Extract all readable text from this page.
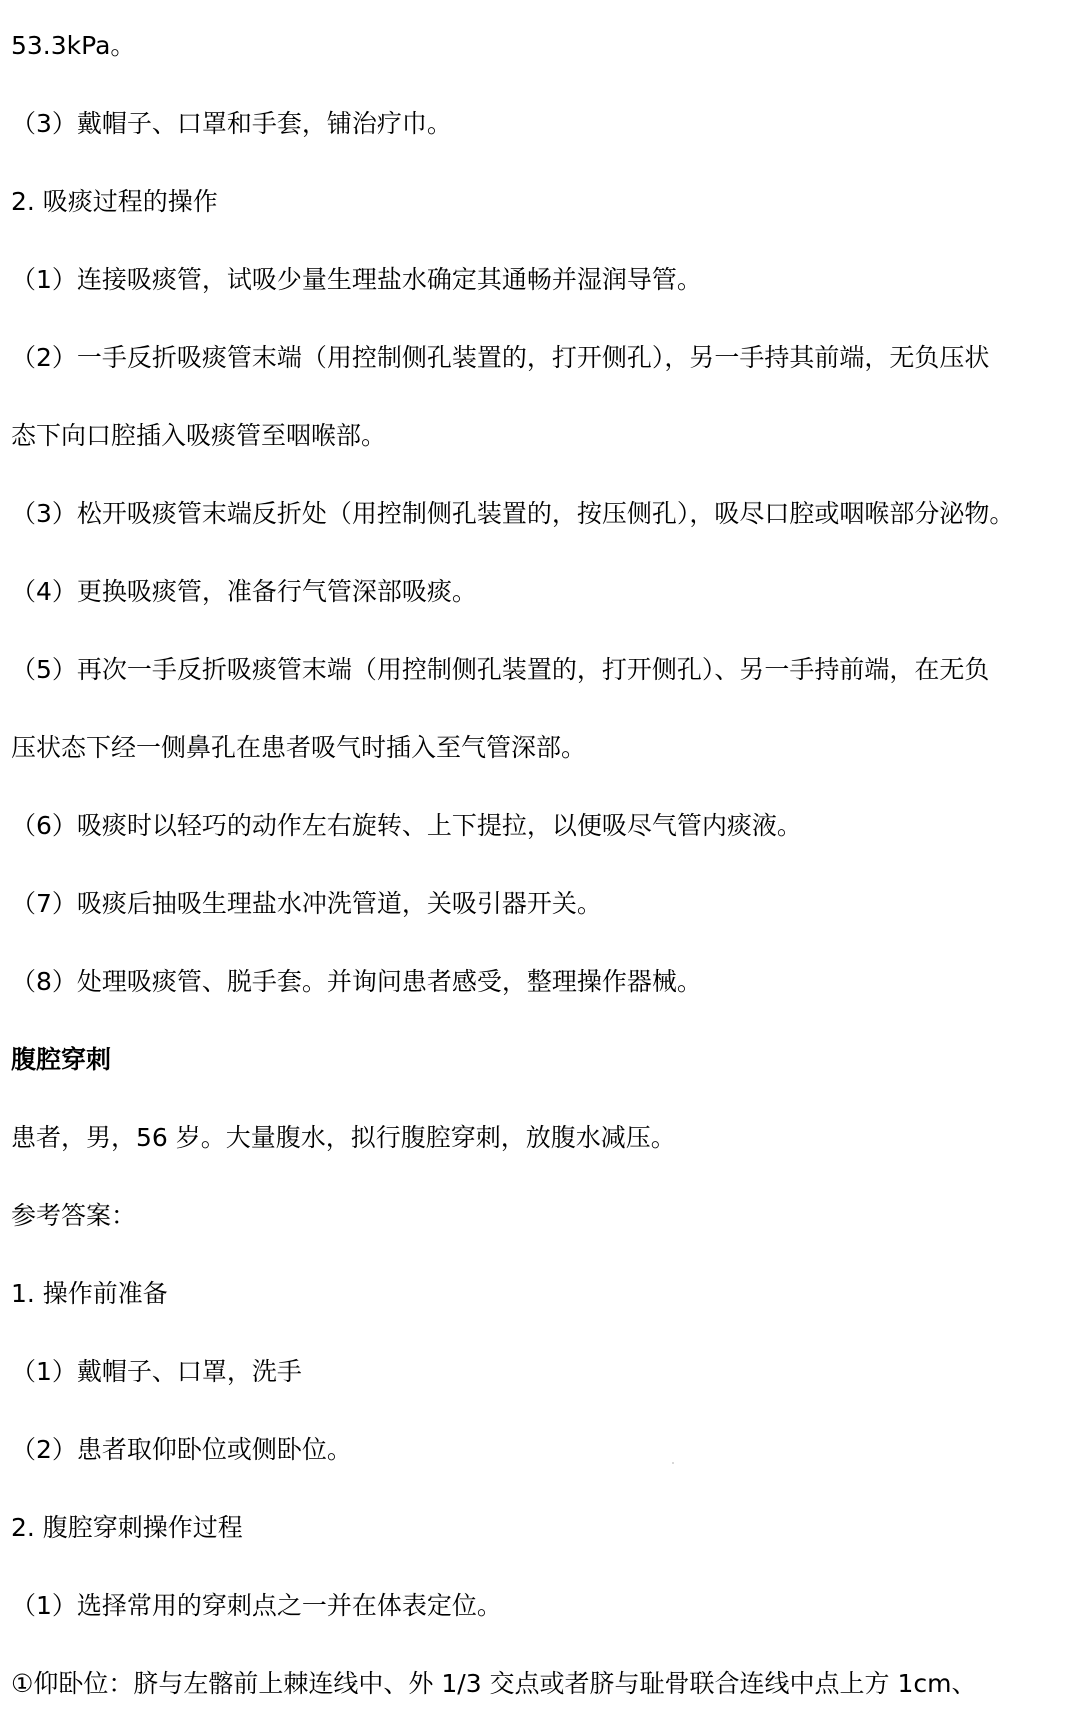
53.3kPa。
（3）戴帽子、口罩和手套，铺治疗巾。
2. 吸痰过程的操作
（1）连接吸痰管，试吸少量生理盐水确定其通畅并湿润导管。
（2）一手反折吸痰管末端（用控制侧孔装置的，打开侧孔），另一手持其前端，无负压状
态下向口腔插入吸痰管至咽喉部。
（3）松开吸痰管末端反折处（用控制侧孔装置的，按压侧孔），吸尽口腔或咽喉部分泌物。
（4）更换吸痰管，准备行气管深部吸痰。
（5）再次一手反折吸痰管末端（用控制侧孔装置的，打开侧孔）、另一手持前端，在无负
压状态下经一侧鼻孔在患者吸气时插入至气管深部。
（6）吸痰时以轻巧的动作左右旋转、上下提拉，以便吸尽气管内痰液。
（7）吸痰后抽吸生理盐水冲洗管道，关吸引器开关。
（8）处理吸痰管、脱手套。并询问患者感受，整理操作器械。
腹腔穿刺
患者，男，56 岁。大量腹水，拟行腹腔穿刺，放腹水减压。
参考答案：
1. 操作前准备
（1）戴帽子、口罩，洗手
（2）患者取仰卧位或侧卧位。
2. 腹腔穿刺操作过程
（1）选择常用的穿刺点之一并在体表定位。
①仰卧位：脐与左髂前上棘连线中、外 1/3 交点或者脐与耻骨联合连线中点上方 1cm、
